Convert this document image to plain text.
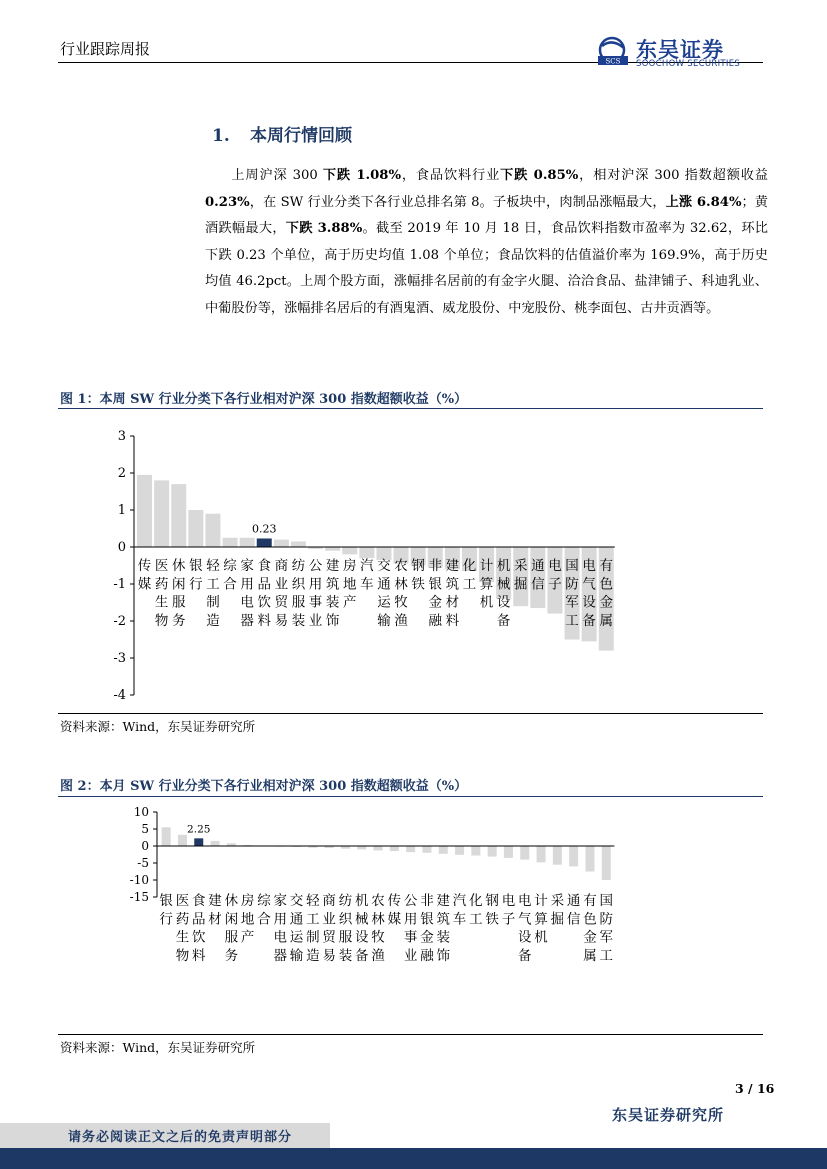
行业跟踪周报
SCS 东吴证券
SOOCHOW SECURITIES
1. 本周行情回顾

上周沪深 300 下跌 1.08%，食品饮料行业下跌 0.85%，相对沪深 300 指数超额收益 0.23%，在 SW 行业分类下各行业总排名第 8。子板块中，肉制品涨幅最大，上涨 6.84%；黄酒跌幅最大，下跌 3.88%。截至 2019 年 10 月 18 日，食品饮料指数市盈率为 32.62，环比下跌 0.23 个单位，高于历史均值 1.08 个单位；食品饮料的估值溢价率为 169.9%，高于历史均值 46.2pct。上周个股方面，涨幅排名居前的有金字火腿、洽洽食品、盐津铺子、科迪乳业、中葡股份等，涨幅排名居后的有酒鬼酒、威龙股份、中宠股份、桃李面包、古井贡酒等。

图 1：本周 SW 行业分类下各行业相对沪深 300 指数超额收益（%）
3
2
1
0
-1
-2
-3
-4
0.23
传媒
医药生物
休闲服务
银行
轻工制造
综合
家用电器
食品饮料
商业贸易
纺织服装
公用事业
建筑装饰
房地产
汽车
交通运输
农林牧渔
钢铁
非银金融
建筑材料
化工
计算机
机械设备
采掘
通信
电子
国防军工
电气设备
有色金属
资料来源：Wind，东吴证券研究所
图 2：本月 SW 行业分类下各行业相对沪深 300 指数超额收益（%）
10
5
0
-5
-10
-15
2.25
银行
医药生物
食品饮料
建材
休闲服务
房地产
综合
家用电器
交通运输
轻工制造
商业贸易
纺织服装
机械设备
农林牧渔
传媒
公用事业
非银金融
建筑装饰
汽车
化工
钢铁
电子
电气设备
计算机
采掘
通信
有色金属
国防军工
资料来源：Wind，东吴证券研究所
3 / 16
东吴证券研究所
请务必阅读正文之后的免责声明部分
